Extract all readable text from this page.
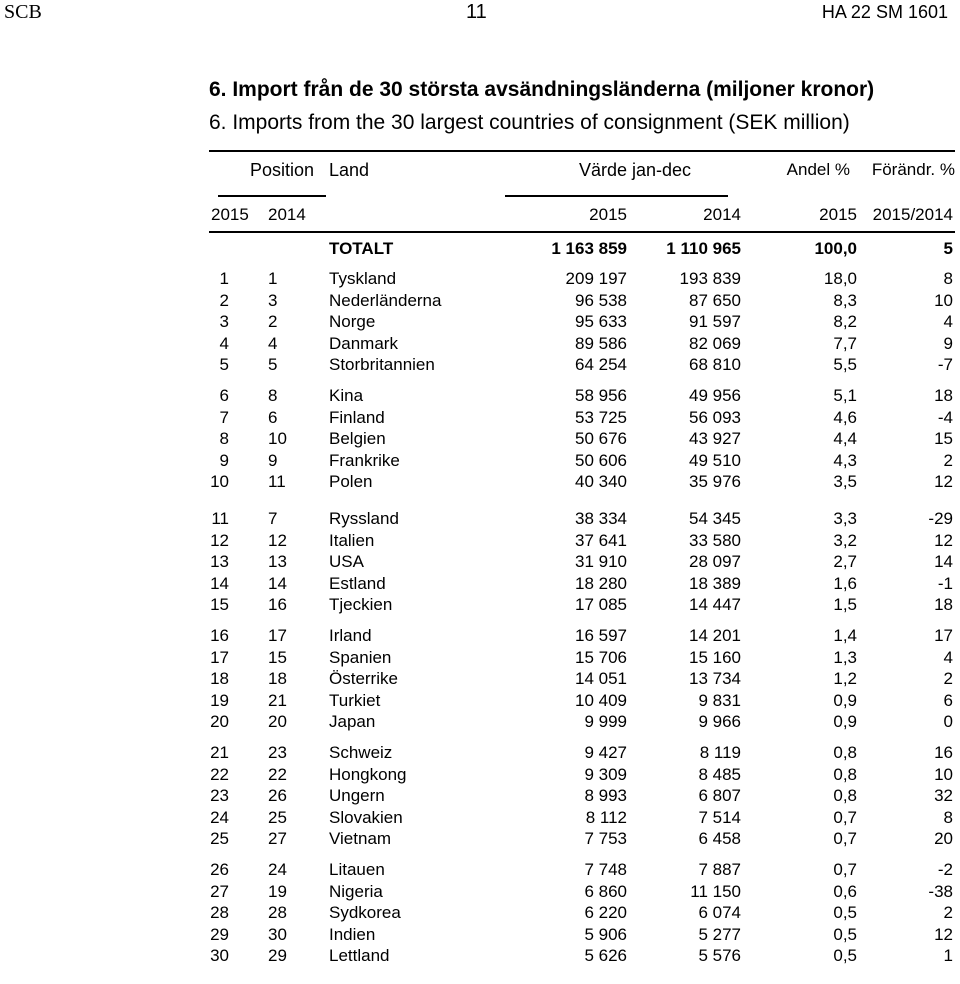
SCB	11	HA 22 SM 1601
6. Import från de 30 största avsändningsländerna (miljoner kronor)
6. Imports from the 30 largest countries of consignment (SEK million)
Position Land	Värde jan-dec	Andel %	Förändr. %
2015 2014	2015	2014	2015 2015/2014
TOTALT	1 163 859	1 110 965	100,0	5
1 1	Tyskland	209 197	193 839	18,0	8
2 3	Nederländerna	96 538	87 650	8,3	10
3 2	Norge	95 633	91 597	8,2	4
4 4	Danmark	89 586	82 069	7,7	9
5 5	Storbritannien	64 254	68 810	5,5	-7
6 8	Kina	58 956	49 956	5,1	18
7 6	Finland	53 725	56 093	4,6	-4
8 10	Belgien	50 676	43 927	4,4	15
9 9	Frankrike	50 606	49 510	4,3	2
10 11	Polen	40 340	35 976	3,5	12
11 7	Ryssland	38 334	54 345	3,3	-29
12 12	Italien	37 641	33 580	3,2	12
13 13	USA	31 910	28 097	2,7	14
14 14	Estland	18 280	18 389	1,6	-1
15 16	Tjeckien	17 085	14 447	1,5	18
16 17	Irland	16 597	14 201	1,4	17
17 15	Spanien	15 706	15 160	1,3	4
18 18	Österrike	14 051	13 734	1,2	2
19 21	Turkiet	10 409	9 831	0,9	6
20 20	Japan	9 999	9 966	0,9	0
21 23	Schweiz	9 427	8 119	0,8	16
22 22	Hongkong	9 309	8 485	0,8	10
23 26	Ungern	8 993	6 807	0,8	32
24 25	Slovakien	8 112	7 514	0,7	8
25 27	Vietnam	7 753	6 458	0,7	20
26 24	Litauen	7 748	7 887	0,7	-2
27 19	Nigeria	6 860	11 150	0,6	-38
28 28	Sydkorea	6 220	6 074	0,5	2
29 30	Indien	5 906	5 277	0,5	12
30 29	Lettland	5 626	5 576	0,5	1
